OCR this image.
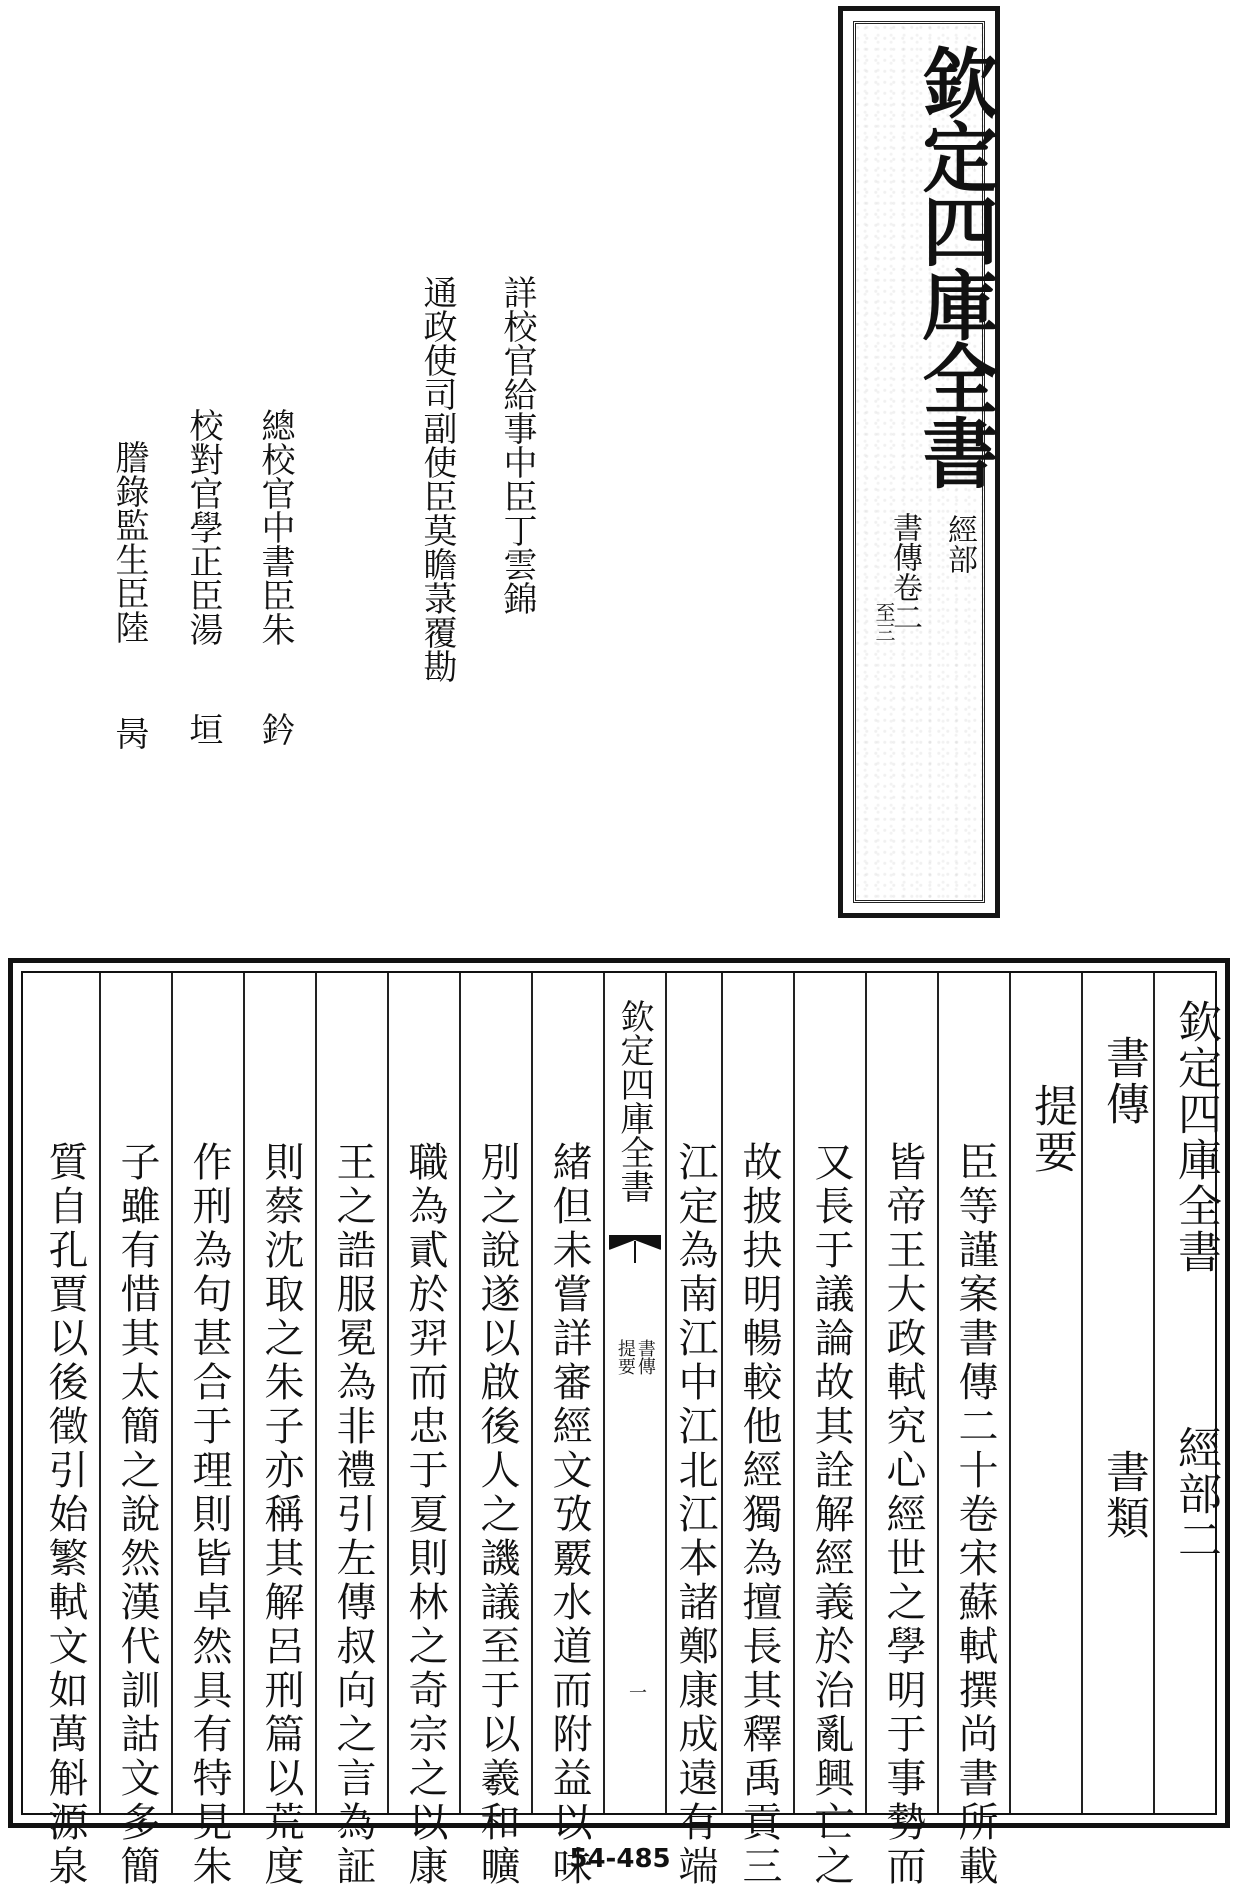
欽定四庫全書
經部
書傳卷二
至三
詳校官給事中臣丁雲錦
通政使司副使臣莫瞻菉覆勘
總校官中書臣朱
鈐
校對官學正臣湯
垣
謄錄監生臣陸
昺
欽定四庫全書
經部二
書傳
書類
提要
臣等謹案書傳二十卷宋蘇軾撰尚書所載
皆帝王大政軾究心經世之學明于事勢而
又長于議論故其詮解經義於治亂興亡之
故披抉明暢較他經獨為擅長其釋禹貢三
江定為南江中江北江本諸鄭康成遠有端
欽定四庫全書
書傳
提要
一
緒但未嘗詳審經文攷覈水道而附益以味
別之說遂以啟後人之譏議至于以羲和曠
職為貳於羿而忠于夏則林之奇宗之以康
王之誥服冕為非禮引左傳叔向之言為証
則蔡沈取之朱子亦稱其解呂刑篇以荒度
作刑為句甚合于理則皆卓然具有特見朱
子雖有惜其太簡之說然漢代訓詁文多簡
質自孔賈以後徵引始繁軾文如萬斛源泉	54-485
